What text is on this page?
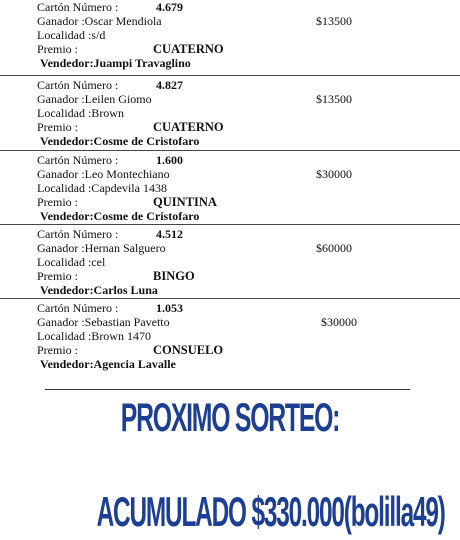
Cartón Número :	4.679
Ganador :Oscar Mendiola	$13500
Localidad :s/d
Premio :	CUATERNO
Vendedor:Juampi Travaglino
Cartón Número :	4.827
Ganador :Leilen Giomo	$13500
Localidad :Brown
Premio :	CUATERNO
Vendedor:Cosme de Cristofaro
Cartón Número :	1.600
Ganador :Leo Montechiano	$30000
Localidad :Capdevila 1438
Premio :	QUINTINA
Vendedor:Cosme de Cristofaro
Cartón Número :	4.512
Ganador :Hernan Salguero	$60000
Localidad :cel
Premio :	BINGO
Vendedor:Carlos Luna
Cartón Número :	1.053
Ganador :Sebastian Pavetto	$30000
Localidad :Brown 1470
Premio :	CONSUELO
Vendedor:Agencia Lavalle
PROXIMO SORTEO:
ACUMULADO $330.000(bolilla49)
